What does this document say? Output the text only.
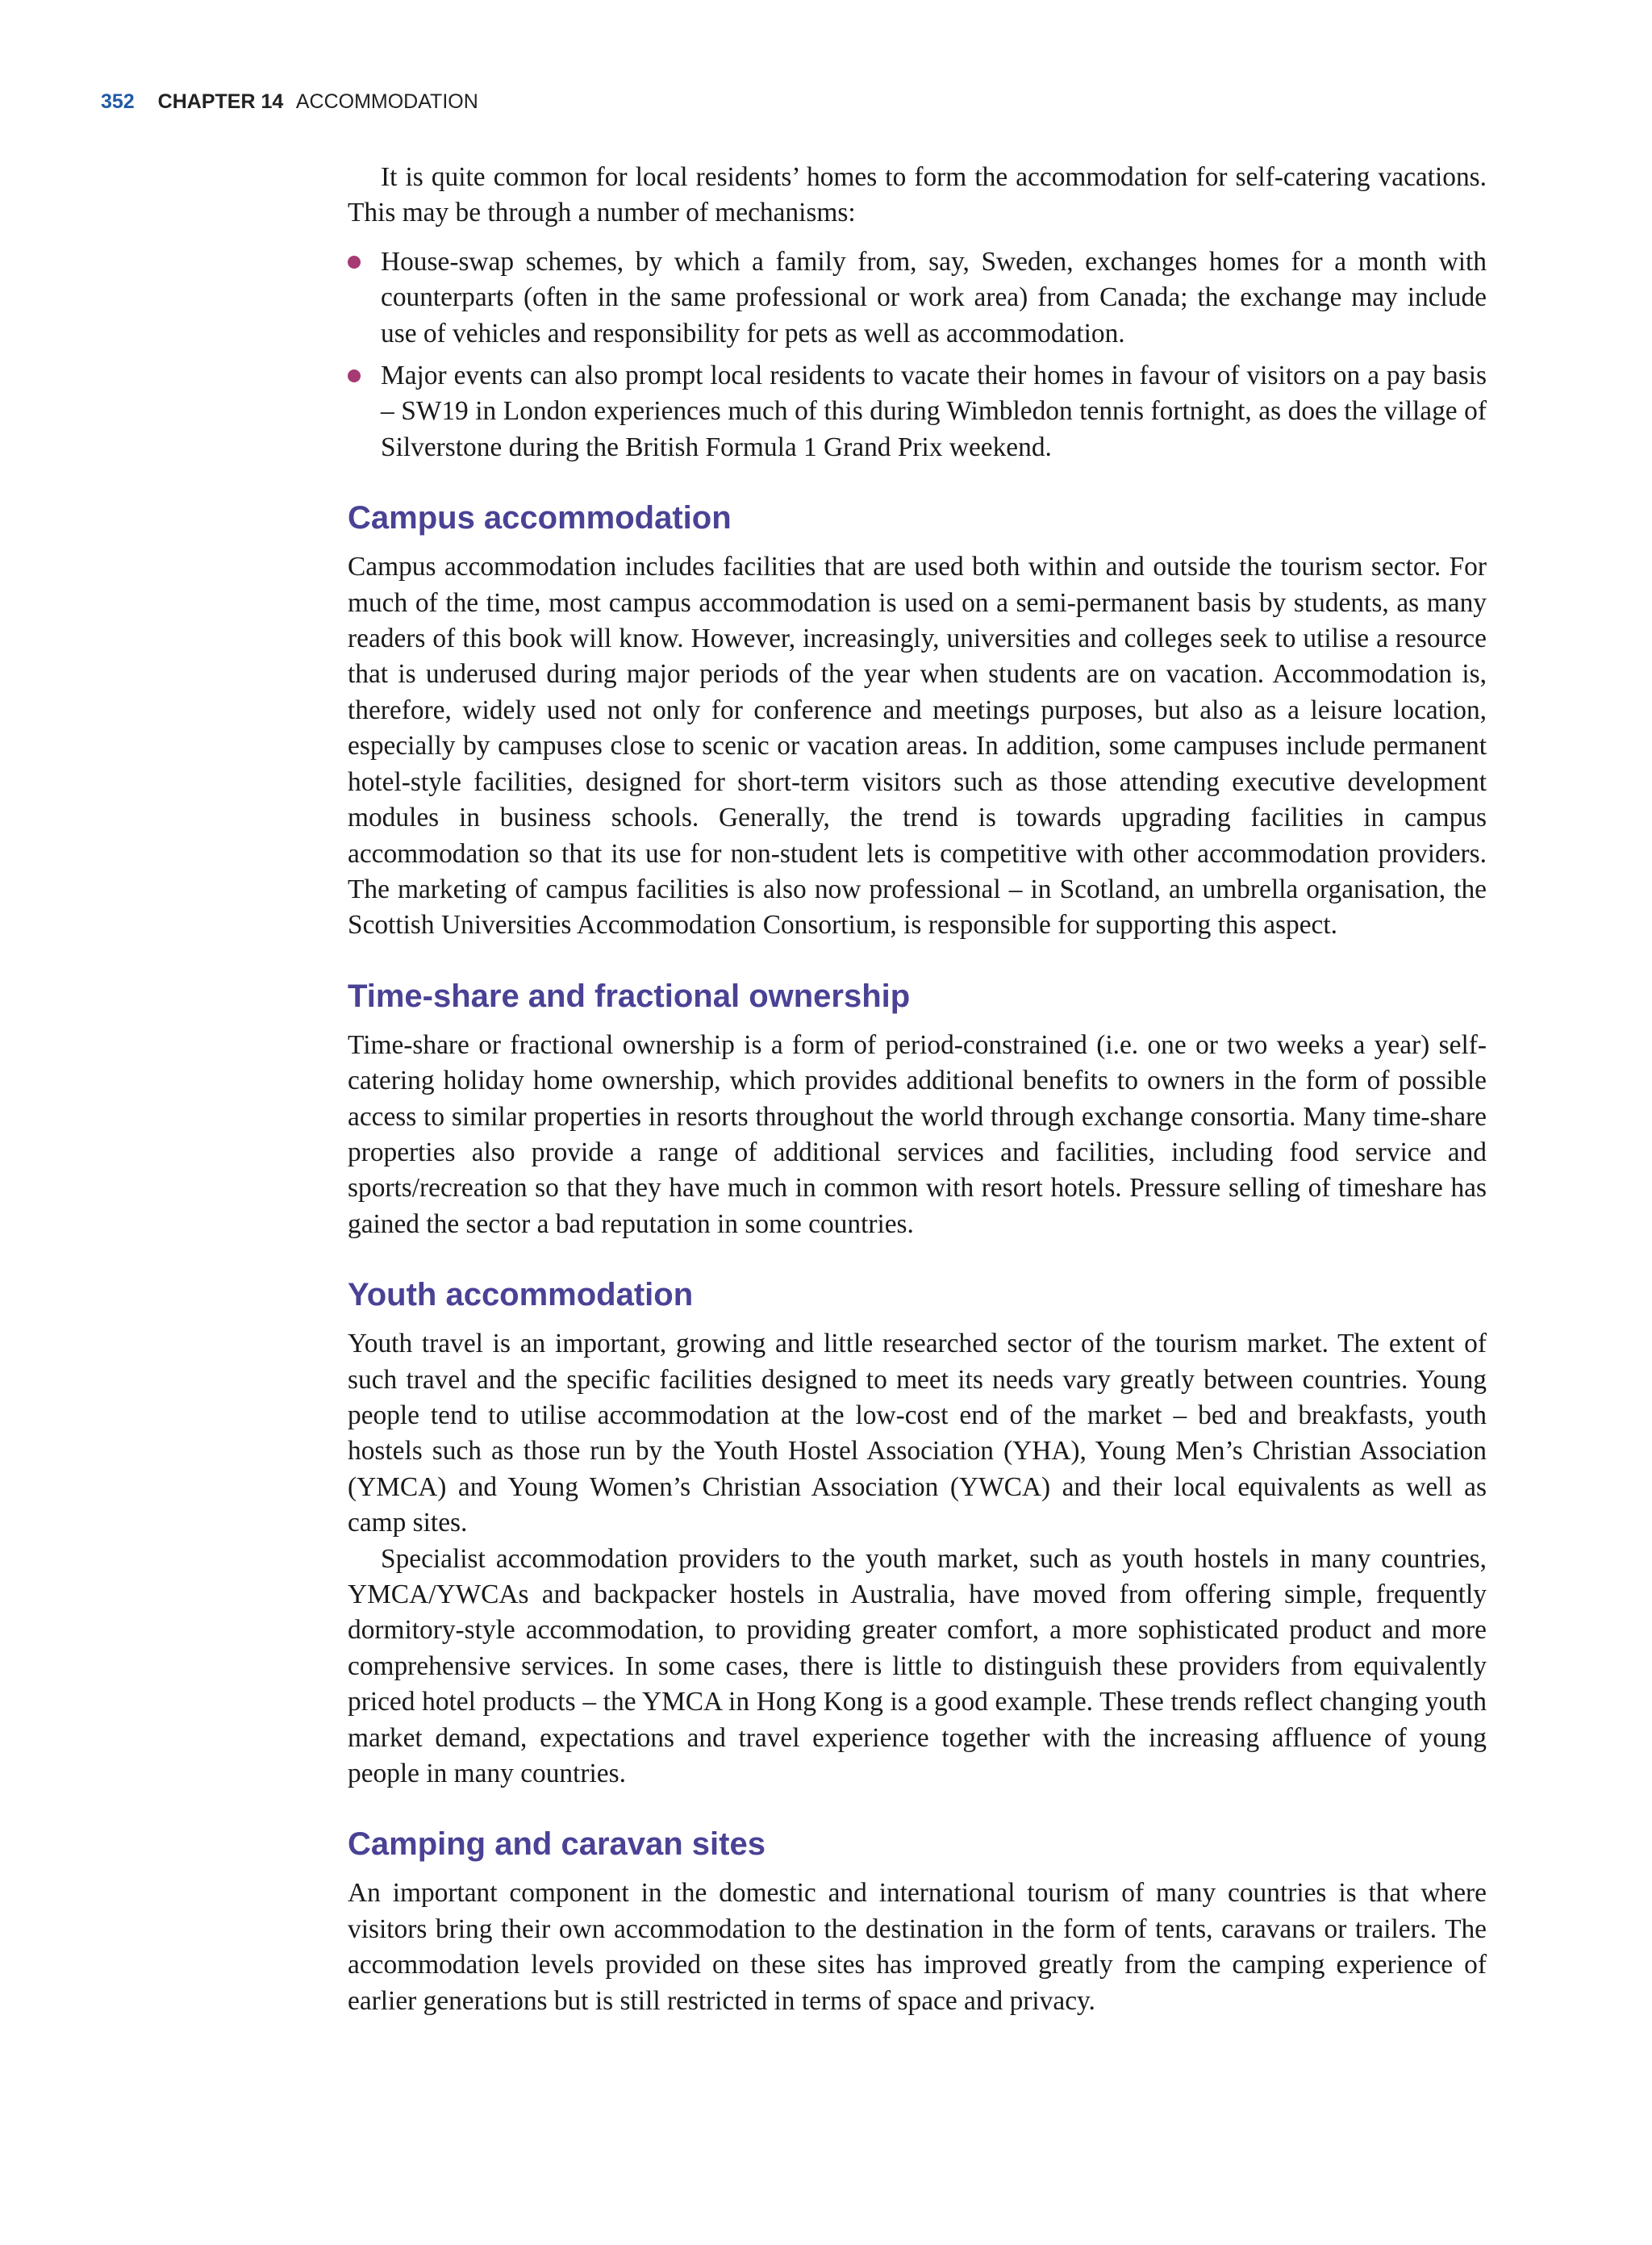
352 CHAPTER 14 ACCOMMODATION

It is quite common for local residents’ homes to form the accommodation for self-catering vacations. This may be through a number of mechanisms:

House-swap schemes, by which a family from, say, Sweden, exchanges homes for a month with counterparts (often in the same professional or work area) from Canada; the exchange may include use of vehicles and responsibility for pets as well as accommodation.
Major events can also prompt local residents to vacate their homes in favour of visitors on a pay basis – SW19 in London experiences much of this during Wimbledon tennis fortnight, as does the village of Silverstone during the British Formula 1 Grand Prix weekend.
Campus accommodation

Campus accommodation includes facilities that are used both within and outside the tourism sector. For much of the time, most campus accommodation is used on a semi-permanent basis by students, as many readers of this book will know. However, increasingly, universities and colleges seek to utilise a resource that is underused during major periods of the year when students are on vacation. Accommodation is, therefore, widely used not only for conference and meetings purposes, but also as a leisure location, especially by campuses close to scenic or vacation areas. In addition, some campuses include permanent hotel-style facilities, designed for short-term visitors such as those attending executive development modules in business schools. Generally, the trend is towards upgrading facilities in campus accommodation so that its use for non-student lets is competitive with other accommodation providers. The marketing of campus facilities is also now professional – in Scotland, an umbrella organisation, the Scottish Universities Accommodation Consortium, is responsible for supporting this aspect.

Time-share and fractional ownership

Time-share or fractional ownership is a form of period-constrained (i.e. one or two weeks a year) self-catering holiday home ownership, which provides additional benefits to owners in the form of possible access to similar properties in resorts throughout the world through exchange consortia. Many time-share properties also provide a range of additional services and facilities, including food service and sports/recreation so that they have much in common with resort hotels. Pressure selling of timeshare has gained the sector a bad reputation in some countries.

Youth accommodation

Youth travel is an important, growing and little researched sector of the tourism market. The extent of such travel and the specific facilities designed to meet its needs vary greatly between countries. Young people tend to utilise accommodation at the low-cost end of the market – bed and breakfasts, youth hostels such as those run by the Youth Hostel Association (YHA), Young Men’s Christian Association (YMCA) and Young Women’s Christian Association (YWCA) and their local equivalents as well as camp sites.

Specialist accommodation providers to the youth market, such as youth hostels in many countries, YMCA/YWCAs and backpacker hostels in Australia, have moved from offering simple, frequently dormitory-style accommodation, to providing greater comfort, a more sophisticated product and more comprehensive services. In some cases, there is little to distinguish these providers from equivalently priced hotel products – the YMCA in Hong Kong is a good example. These trends reflect changing youth market demand, expectations and travel experience together with the increasing affluence of young people in many countries.

Camping and caravan sites

An important component in the domestic and international tourism of many countries is that where visitors bring their own accommodation to the destination in the form of tents, caravans or trailers. The accommodation levels provided on these sites has improved greatly from the camping experience of earlier generations but is still restricted in terms of space and privacy.
